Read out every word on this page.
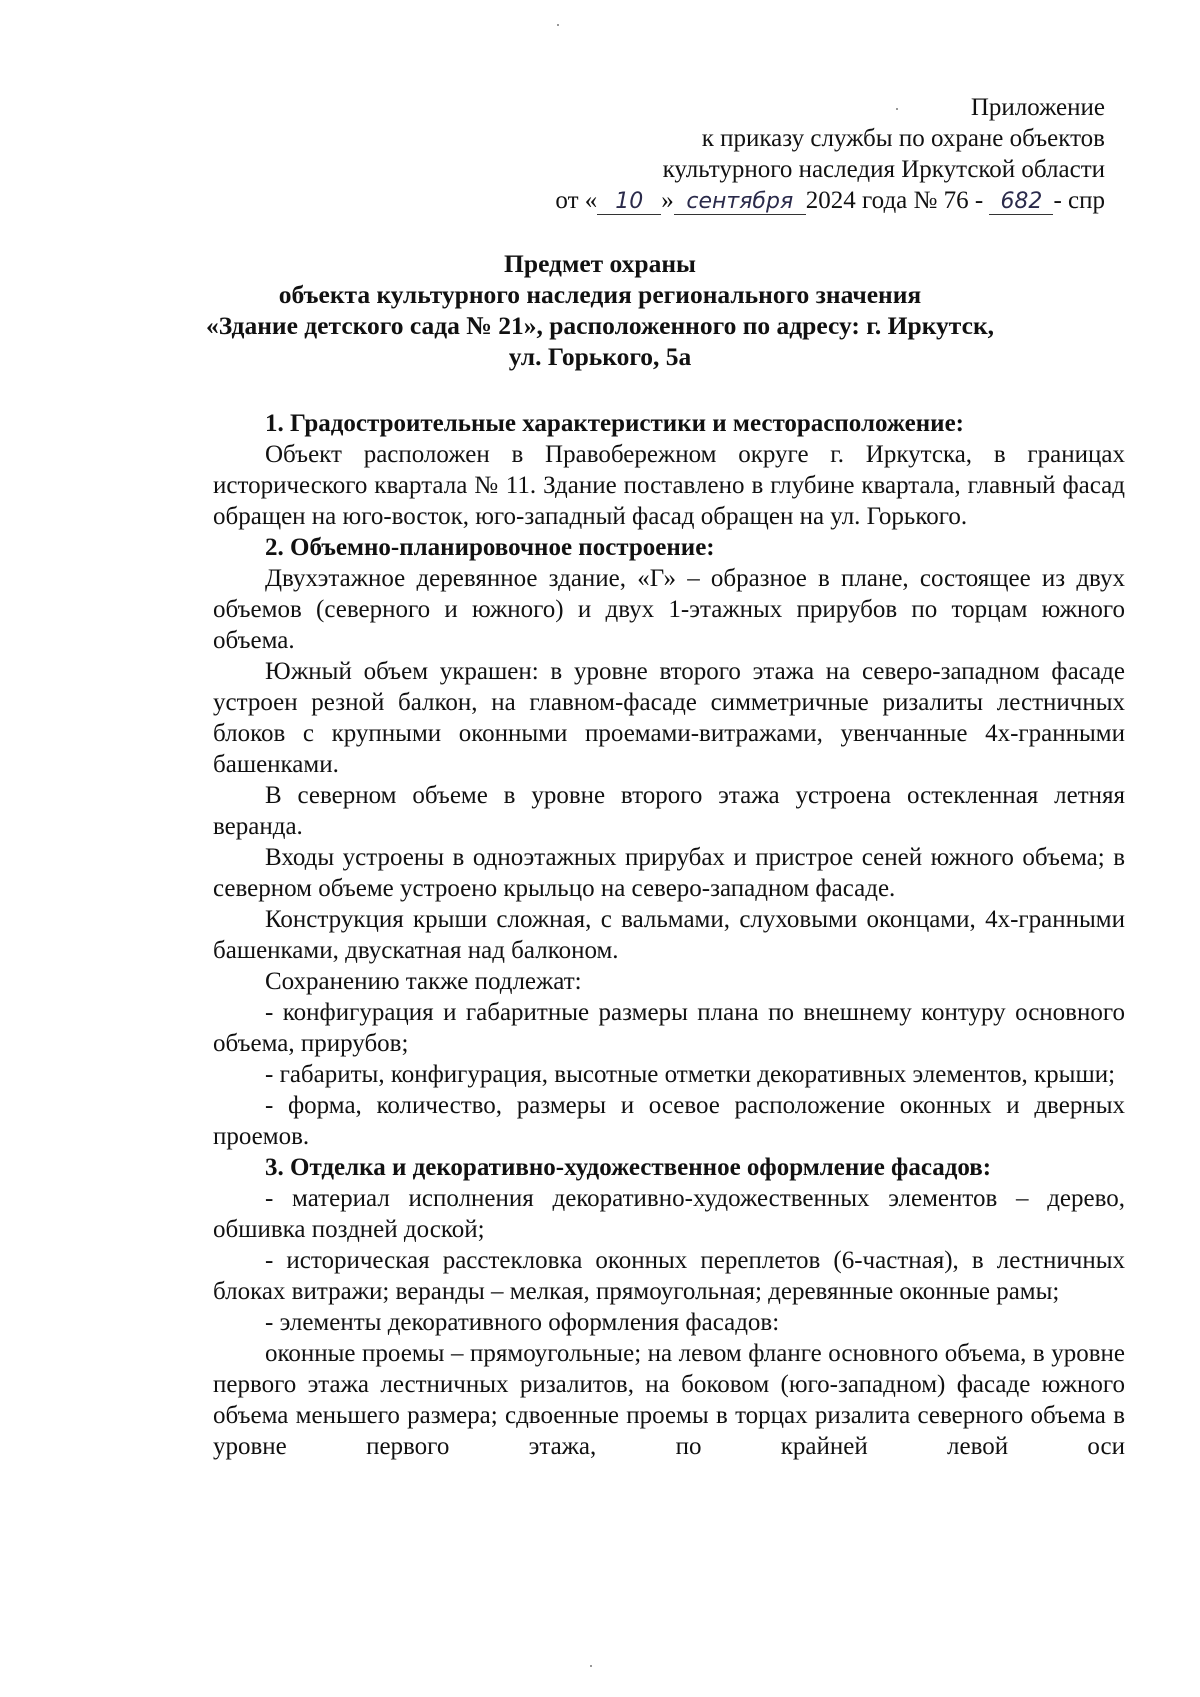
Приложение
к приказу службы по охране объектов
культурного наследия Иркутской области
от « 10 » сентября 2024 года № 76 - 682 - спр
Предмет охраны
объекта культурного наследия регионального значения
«Здание детского сада № 21», расположенного по адресу: г. Иркутск,
ул. Горького, 5а

1. Градостроительные характеристики и месторасположение:

Объект расположен в Правобережном округе г. Иркутска, в границах исторического квартала № 11. Здание поставлено в глубине квартала, главный фасад обращен на юго-восток, юго-западный фасад обращен на ул. Горького.

2. Объемно-планировочное построение:

Двухэтажное деревянное здание, «Г» – образное в плане, состоящее из двух объемов (северного и южного) и двух 1-этажных прирубов по торцам южного объема.

Южный объем украшен: в уровне второго этажа на северо-западном фасаде устроен резной балкон, на главном-фасаде симметричные ризалиты лестничных блоков с крупными оконными проемами-витражами, увенчанные 4х-гранными башенками.

В северном объеме в уровне второго этажа устроена остекленная летняя веранда.

Входы устроены в одноэтажных прирубах и пристрое сеней южного объема; в северном объеме устроено крыльцо на северо-западном фасаде.

Конструкция крыши сложная, с вальмами, слуховыми оконцами, 4х-гранными башенками, двускатная над балконом.

Сохранению также подлежат:

- конфигурация и габаритные размеры плана по внешнему контуру основного объема, прирубов;

- габариты, конфигурация, высотные отметки декоративных элементов, крыши;

- форма, количество, размеры и осевое расположение оконных и дверных проемов.

3. Отделка и декоративно-художественное оформление фасадов:

- материал исполнения декоративно-художественных элементов – дерево, обшивка поздней доской;

- историческая расстекловка оконных переплетов (6-частная), в лестничных блоках витражи; веранды – мелкая, прямоугольная; деревянные оконные рамы;

- элементы декоративного оформления фасадов:

оконные проемы – прямоугольные; на левом фланге основного объема, в уровне первого этажа лестничных ризалитов, на боковом (юго-западном) фасаде южного объема меньшего размера; сдвоенные проемы в торцах ризалита северного объема в уровне первого этажа, по крайней левой оси
